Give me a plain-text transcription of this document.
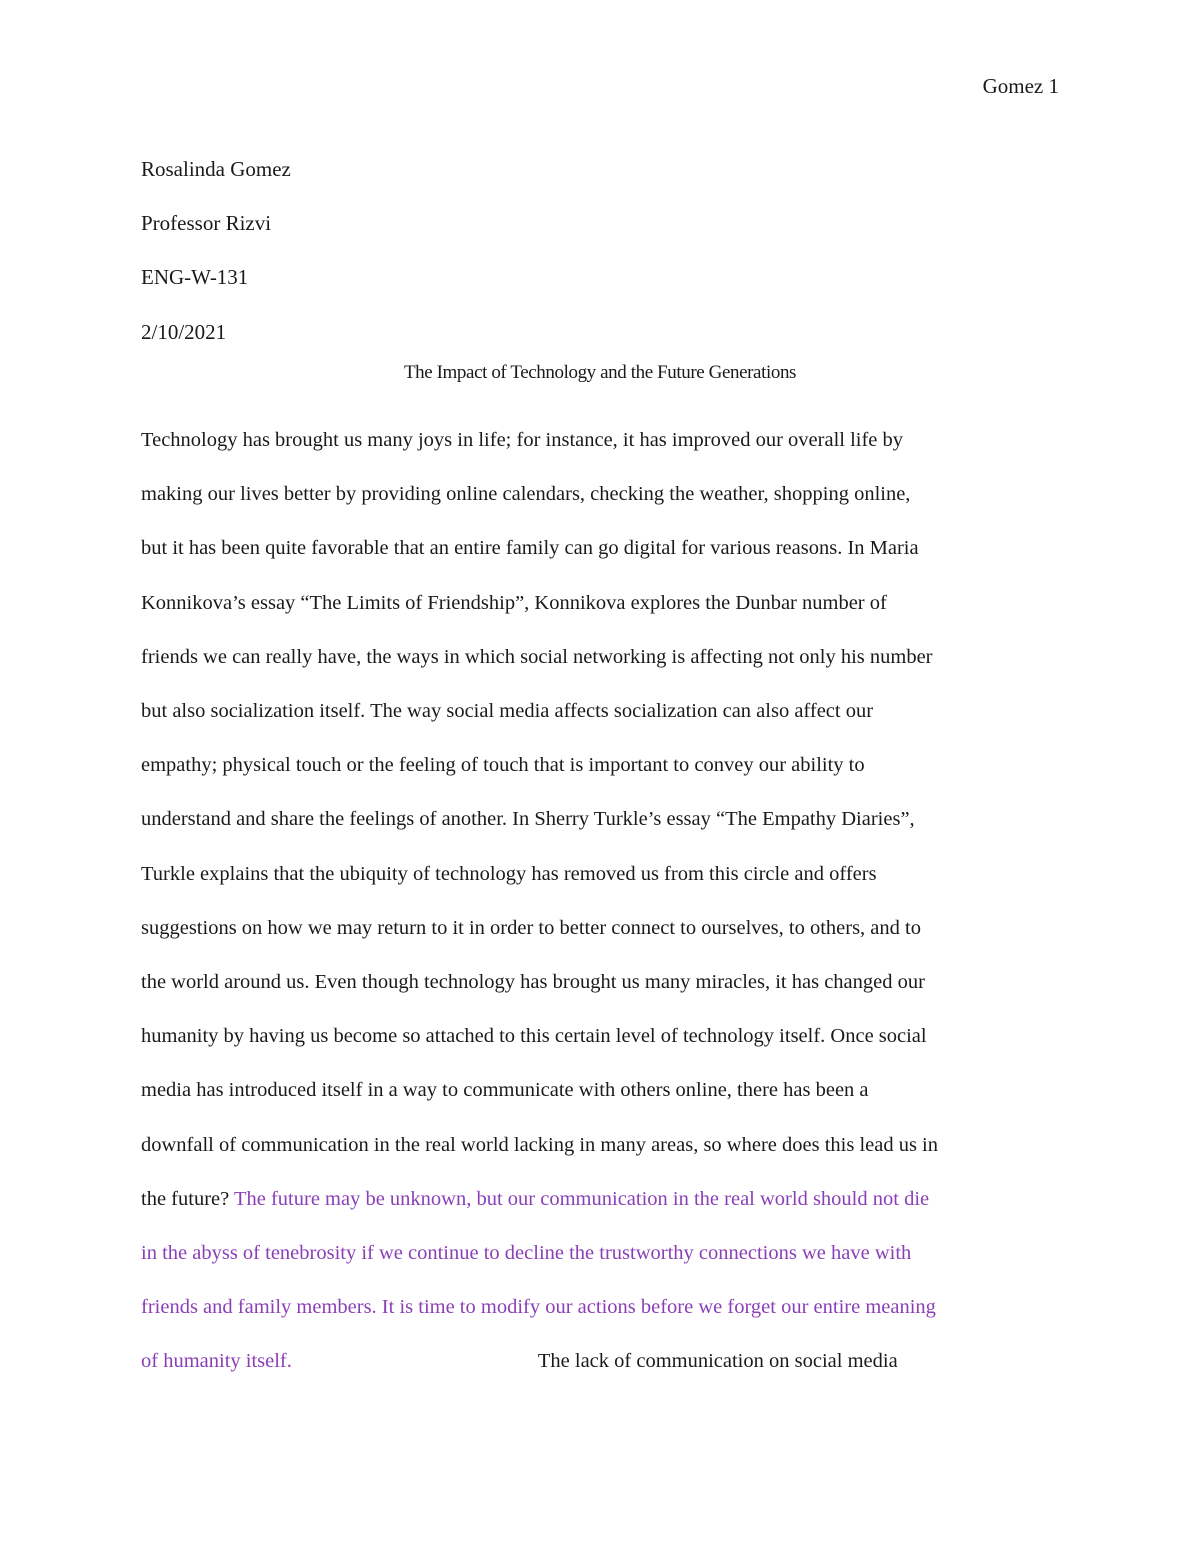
Gomez 1
Rosalinda Gomez
Professor Rizvi
ENG-W-131
2/10/2021
The Impact of Technology and the Future Generations
Technology has brought us many joys in life; for instance, it has improved our overall life by
making our lives better by providing online calendars, checking the weather, shopping online,
but it has been quite favorable that an entire family can go digital for various reasons. In Maria
Konnikova’s essay “The Limits of Friendship”, Konnikova explores the Dunbar number of
friends we can really have, the ways in which social networking is affecting not only his number
but also socialization itself. The way social media affects socialization can also affect our
empathy; physical touch or the feeling of touch that is important to convey our ability to
understand and share the feelings of another. In Sherry Turkle’s essay “The Empathy Diaries”,
Turkle explains that the ubiquity of technology has removed us from this circle and offers
suggestions on how we may return to it in order to better connect to ourselves, to others, and to
the world around us. Even though technology has brought us many miracles, it has changed our
humanity by having us become so attached to this certain level of technology itself. Once social
media has introduced itself in a way to communicate with others online, there has been a
downfall of communication in the real world lacking in many areas, so where does this lead us in
the future? The future may be unknown, but our communication in the real world should not die
in the abyss of tenebrosity if we continue to decline the trustworthy connections we have with
friends and family members. It is time to modify our actions before we forget our entire meaning
of humanity itself.	The lack of communication on social media
